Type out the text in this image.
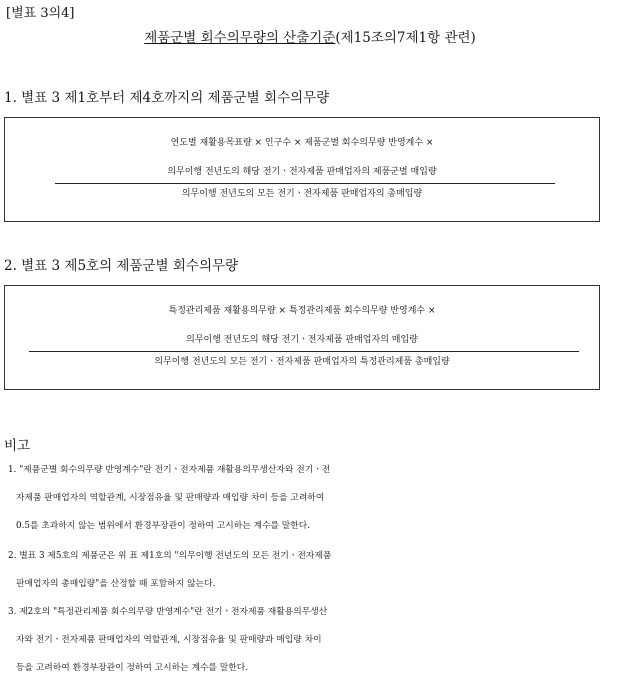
[별표 3의4]
제품군별 회수의무량의 산출기준(제15조의7제1항 관련)
1. 별표 3 제1호부터 제4호까지의 제품군별 회수의무량
연도별 재활용목표량 × 인구수 × 제품군별 회수의무량 반영계수 ×
의무이행 전년도의 해당 전기ㆍ전자제품 판매업자의 제품군별 매입량
의무이행 전년도의 모든 전기ㆍ전자제품 판매업자의 총매입량
2. 별표 3 제5호의 제품군별 회수의무량
특정관리제품 재활용의무량 × 특정관리제품 회수의무량 반영계수 ×
의무이행 전년도의 해당 전기ㆍ전자제품 판매업자의 매입량
의무이행 전년도의 모든 전기ㆍ전자제품 판매업자의 특정관리제품 총매입량
비고
1. "제품군별 회수의무량 반영계수"란 전기ㆍ전자제품 재활용의무생산자와 전기ㆍ전
자제품 판매업자의 역할관계, 시장점유율 및 판매량과 매입량 차이 등을 고려하여
0.5를 초과하지 않는 범위에서 환경부장관이 정하여 고시하는 계수를 말한다.
2. 별표 3 제5호의 제품군은 위 표 제1호의 "의무이행 전년도의 모든 전기ㆍ전자제품
판매업자의 총매입량"을 산정할 때 포함하지 않는다.
3. 제2호의 "특정관리제품 회수의무량 반영계수"란 전기ㆍ전자제품 재활용의무생산
자와 전기ㆍ전자제품 판매업자의 역할관계, 시장점유율 및 판매량과 매입량 차이
등을 고려하여 환경부장관이 정하여 고시하는 계수를 말한다.
